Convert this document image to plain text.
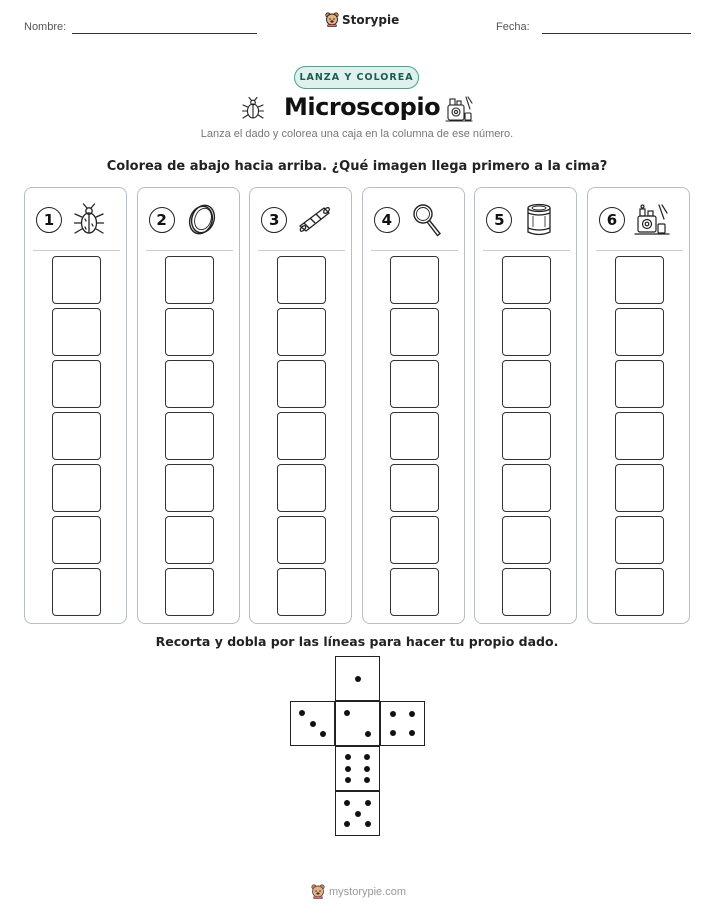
Nombre:
Storypie
Fecha:
LANZA Y COLOREA
Microscopio
Lanza el dado y colorea una caja en la columna de ese número.
Colorea de abajo hacia arriba. ¿Qué imagen llega primero a la cima?
1	2	3	4	5	6
Recorta y dobla por las líneas para hacer tu propio dado.
mystorypie.com
